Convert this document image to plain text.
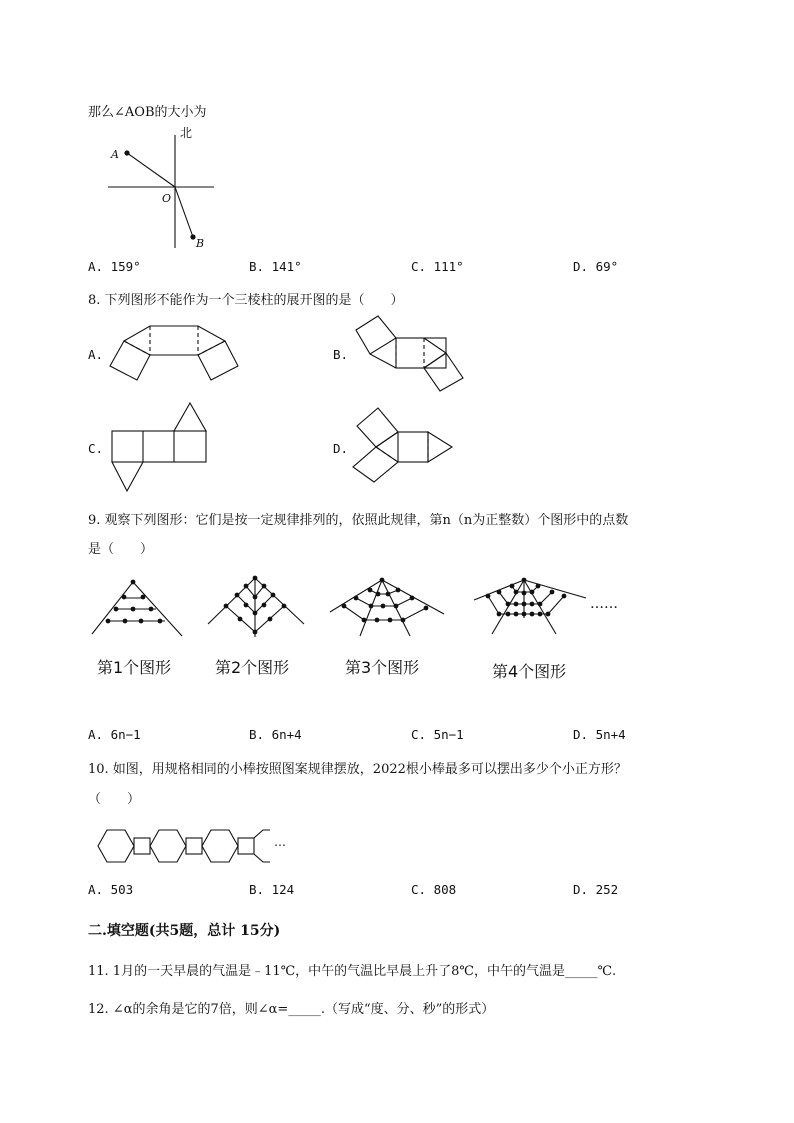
那么∠AOB的大小为
A
O
B
北
A. 159°	B. 141°	C. 111°	D. 69°
8. 下列图形不能作为一个三棱柱的展开图的是（　　）
A.	B.
C.	D.
9. 观察下列图形：它们是按一定规律排列的，依照此规律，第n（n为正整数）个图形中的点数
是（　　）
……
第1个图形	第2个图形	第3个图形	第4个图形
A. 6n−1	B. 6n+4	C. 5n−1	D. 5n+4
10. 如图，用规格相同的小棒按照图案规律摆放，2022根小棒最多可以摆出多少个小正方形？
（　　）
…
A. 503	B. 124	C. 808	D. 252
二.填空题(共5题，总计 15分)
11. 1月的一天早晨的气温是﹣11℃，中午的气温比早晨上升了8℃，中午的气温是_____℃.
12. ∠α的余角是它的7倍，则∠α=_____.（写成“度、分、秒”的形式）
